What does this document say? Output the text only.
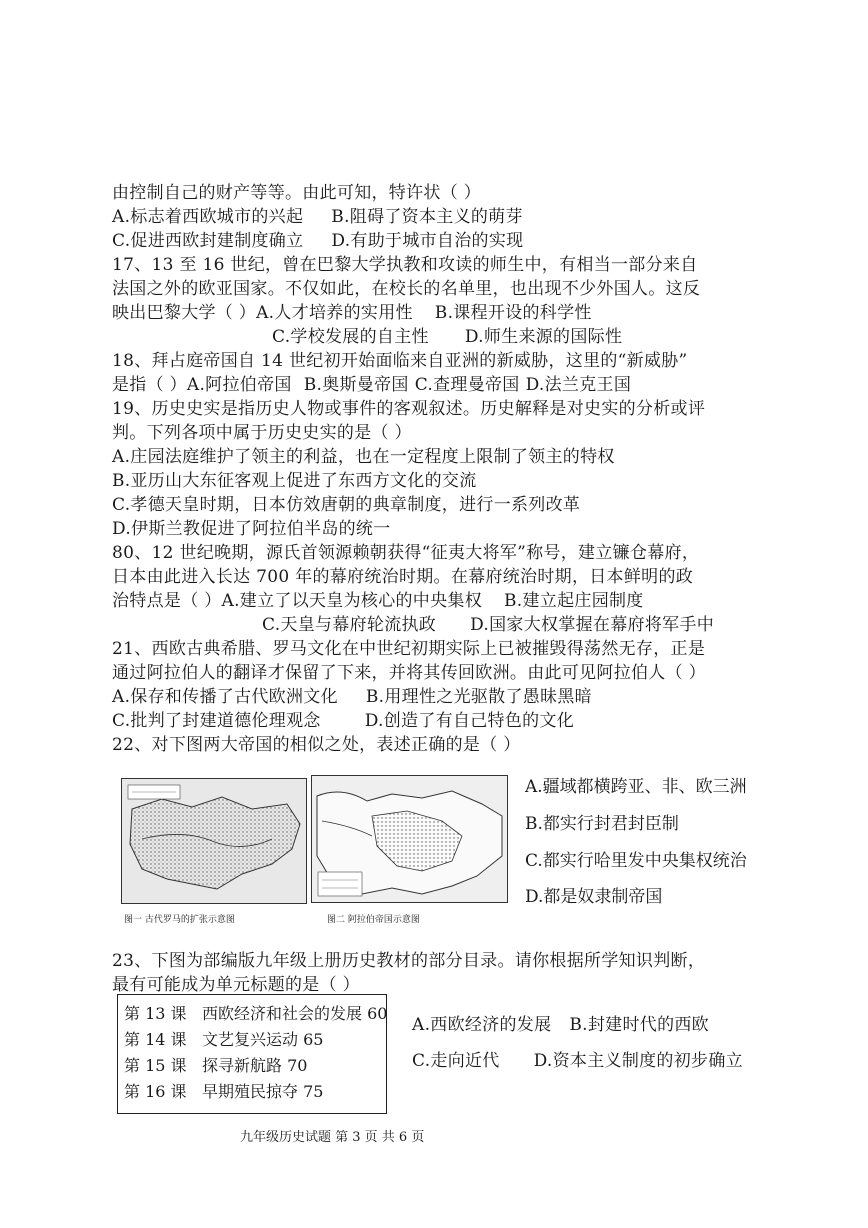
由控制自己的财产等等。由此可知，特许状（ ）
A.标志着西欧城市的兴起 B.阻碍了资本主义的萌芽
C.促进西欧封建制度确立 D.有助于城市自治的实现
17、13 至 16 世纪，曾在巴黎大学执教和攻读的师生中，有相当一部分来自
法国之外的欧亚国家。不仅如此，在校长的名单里，也出现不少外国人。这反
映出巴黎大学（ ）A.人才培养的实用性 B.课程开设的科学性
C.学校发展的自主性 D.师生来源的国际性
18、拜占庭帝国自 14 世纪初开始面临来自亚洲的新威胁，这里的“新威胁”
是指（ ）A.阿拉伯帝国 B.奥斯曼帝国 C.查理曼帝国 D.法兰克王国
19、历史史实是指历史人物或事件的客观叙述。历史解释是对史实的分析或评
判。下列各项中属于历史史实的是（ ）
A.庄园法庭维护了领主的利益，也在一定程度上限制了领主的特权
B.亚历山大东征客观上促进了东西方文化的交流
C.孝德天皇时期，日本仿效唐朝的典章制度，进行一系列改革
D.伊斯兰教促进了阿拉伯半岛的统一
80、12 世纪晚期，源氏首领源赖朝获得“征夷大将军”称号，建立镰仓幕府，
日本由此进入长达 700 年的幕府统治时期。在幕府统治时期，日本鲜明的政
治特点是（ ）A.建立了以天皇为核心的中央集权 B.建立起庄园制度
C.天皇与幕府轮流执政 D.国家大权掌握在幕府将军手中
21、西欧古典希腊、罗马文化在中世纪初期实际上已被摧毁得荡然无存，正是
通过阿拉伯人的翻译才保留了下来，并将其传回欧洲。由此可见阿拉伯人（ ）
A.保存和传播了古代欧洲文化 B.用理性之光驱散了愚昧黑暗
C.批判了封建道德伦理观念	D.创造了有自己特色的文化
22、对下图两大帝国的相似之处，表述正确的是（ ）
图一 古代罗马的扩张示意图	图二 阿拉伯帝国示意图
A.疆域都横跨亚、非、欧三洲
B.都实行封君封臣制
C.都实行哈里发中央集权统治
D.都是奴隶制帝国
23、下图为部编版九年级上册历史教材的部分目录。请你根据所学知识判断，
最有可能成为单元标题的是（ ）
第 13 课 西欧经济和社会的发展 60
第 14 课 文艺复兴运动 65
第 15 课 探寻新航路 70
第 16 课 早期殖民掠夺 75
A.西欧经济的发展 B.封建时代的西欧
C.走向近代 D.资本主义制度的初步确立
九年级历史试题 第 3 页 共 6 页
